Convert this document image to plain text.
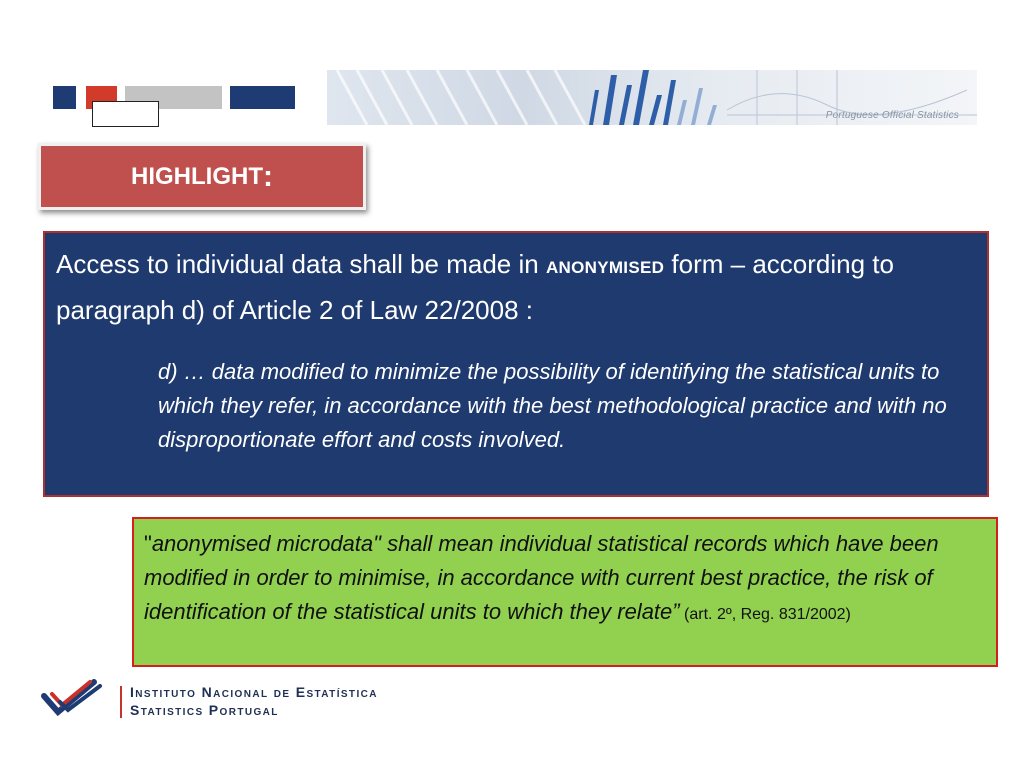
Portuguese Official Statistics
HIGHLIGHT :
Access to individual data shall be made in ANONYMISED form – according to paragraph d) of Article 2 of Law 22/2008 :
d) … data modified to minimize the possibility of identifying the statistical units to which they refer, in accordance with the best methodological practice and with no disproportionate effort and costs involved.
"anonymised microdata" shall mean individual statistical records which have been modified in order to minimise, in accordance with current best practice, the risk of identification of the statistical units to which they relate” (art. 2º, Reg. 831/2002)
Instituto Nacional de Estatística
Statistics Portugal
